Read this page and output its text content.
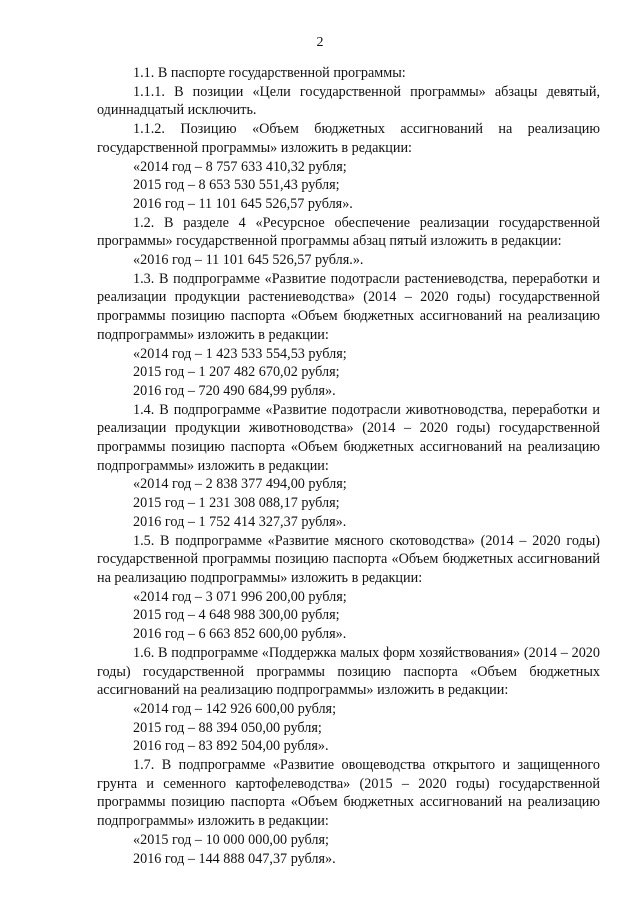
2

1.1. В паспорте государственной программы:

1.1.1. В позиции «Цели государственной программы» абзацы девятый, одиннадцатый исключить.

1.1.2. Позицию «Объем бюджетных ассигнований на реализацию государственной программы» изложить в редакции:

«2014 год – 8 757 633 410,32 рубля;

2015 год – 8 653 530 551,43 рубля;

2016 год – 11 101 645 526,57 рубля».

1.2. В разделе 4 «Ресурсное обеспечение реализации государственной программы» государственной программы абзац пятый изложить в редакции:

«2016 год – 11 101 645 526,57 рубля.».

1.3. В подпрограмме «Развитие подотрасли растениеводства, переработки и реализации продукции растениеводства» (2014 – 2020 годы) государственной программы позицию паспорта «Объем бюджетных ассигнований на реализацию подпрограммы» изложить в редакции:

«2014 год – 1 423 533 554,53 рубля;

2015 год – 1 207 482 670,02 рубля;

2016 год – 720 490 684,99 рубля».

1.4. В подпрограмме «Развитие подотрасли животноводства, переработки и реализации продукции животноводства» (2014 – 2020 годы) государственной программы позицию паспорта «Объем бюджетных ассигнований на реализацию подпрограммы» изложить в редакции:

«2014 год – 2 838 377 494,00 рубля;

2015 год – 1 231 308 088,17 рубля;

2016 год – 1 752 414 327,37 рубля».

1.5. В подпрограмме «Развитие мясного скотоводства» (2014 – 2020 годы) государственной программы позицию паспорта «Объем бюджетных ассигнований на реализацию подпрограммы» изложить в редакции:

«2014 год – 3 071 996 200,00 рубля;

2015 год – 4 648 988 300,00 рубля;

2016 год – 6 663 852 600,00 рубля».

1.6. В подпрограмме «Поддержка малых форм хозяйствования» (2014 – 2020 годы) государственной программы позицию паспорта «Объем бюджетных ассигнований на реализацию подпрограммы» изложить в редакции:

«2014 год – 142 926 600,00 рубля;

2015 год – 88 394 050,00 рубля;

2016 год – 83 892 504,00 рубля».

1.7. В подпрограмме «Развитие овощеводства открытого и защищенного грунта и семенного картофелеводства» (2015 – 2020 годы) государственной программы позицию паспорта «Объем бюджетных ассигнований на реализацию подпрограммы» изложить в редакции:

«2015 год – 10 000 000,00 рубля;

2016 год – 144 888 047,37 рубля».
